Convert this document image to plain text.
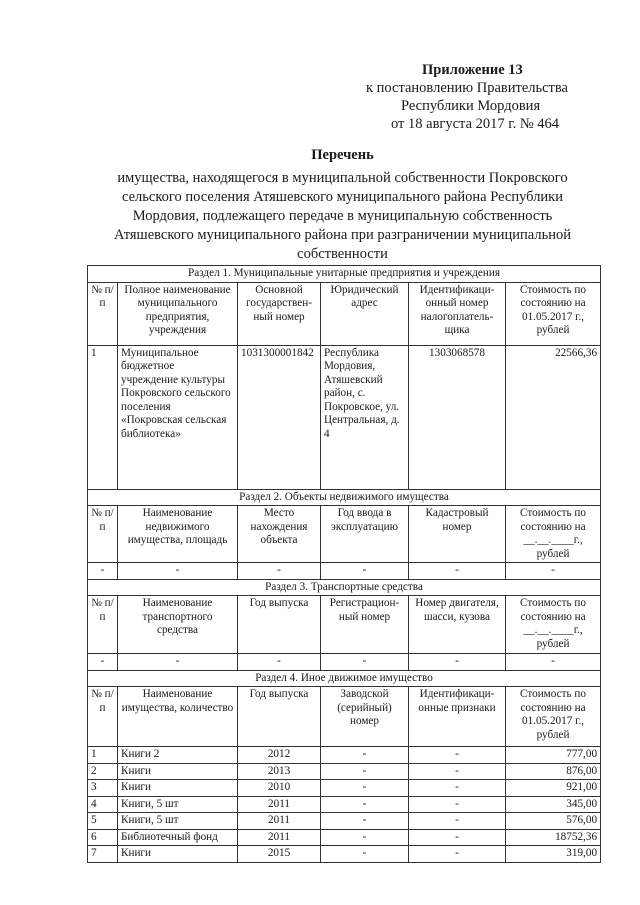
Приложение 13
к постановлению Правительства
Республики Мордовия
от 18 августа 2017 г. № 464
Перечень
имущества, находящегося в муниципальной собственности Покровского сельского поселения Атяшевского муниципального района Республики Мордовия, подлежащего передаче в муниципальную собственность Атяшевского муниципального района при разграничении муниципальной собственности
Раздел 1. Муниципальные унитарные предприятия и учреждения					
№ п/п	Полное наименование муниципального предприятия, учреждения	Основной государствен-ный номер	Юридический адрес	Идентификаци-онный номер налогоплатель-щика	Стоимость по состоянию на 01.05.2017 г., рублей
1	Муниципальное бюджетное учреждение культуры Покровского сельского поселения «Покровская сельская библиотека»	1031300001842	Республика Мордовия, Атяшевский район, с. Покровское, ул. Центральная, д. 4	1303068578	22566,36
Раздел 2. Объекты недвижимого имущества					
№ п/п	Наименование недвижимого имущества, площадь	Место нахождения объекта	Год ввода в эксплуатацию	Кадастровый номер	Стоимость по состоянию на __.__.____г., рублей
-	-	-	-	-	-
Раздел 3. Транспортные средства					
№ п/п	Наименование транспортного средства	Год выпуска	Регистрацион-ный номер	Номер двигателя, шасси, кузова	Стоимость по состоянию на __.__.____г., рублей
-	-	-	-	-	-
Раздел 4. Иное движимое имущество					
№ п/п	Наименование имущества, количество	Год выпуска	Заводской (серийный) номер	Идентификаци-онные признаки	Стоимость по состоянию на 01.05.2017 г., рублей
1	Книги 2	2012	-	-	777,00
2	Книги	2013	-	-	876,00
3	Книги	2010	-	-	921,00
4	Книги, 5 шт	2011	-	-	345,00
5	Книги, 5 шт	2011	-	-	576,00
6	Библиотечный фонд	2011	-	-	18752,36
7	Книги	2015	-	-	319,00
